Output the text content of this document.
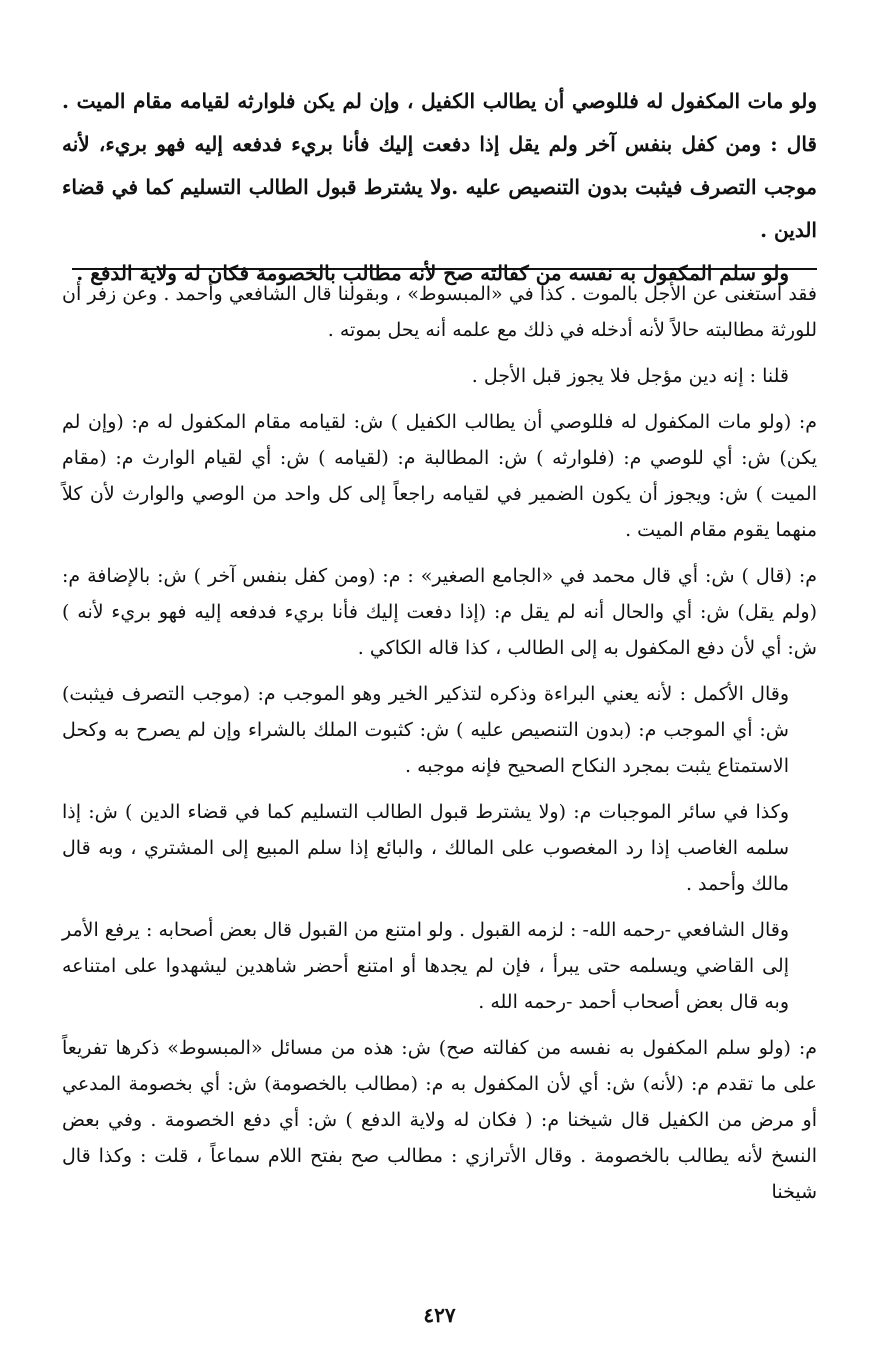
ولو مات المكفول له فللوصي أن يطالب الكفيل ، وإن لم يكن فلوارثه لقيامه مقام الميت . قال : ومن كفل بنفس آخر ولم يقل إذا دفعت إليك فأنا بريء فدفعه إليه فهو بريء، لأنه موجب التصرف فيثبت بدون التنصيص عليه .ولا يشترط قبول الطالب التسليم كما في قضاء الدين .

ولو سلم المكفول به نفسه من كفالته صح لأنه مطالب بالخصومة فكان له ولاية الدفع .

فقد استغنى عن الأجل بالموت . كذا في «المبسوط» ، وبقولنا قال الشافعي وأحمد . وعن زفر أن للورثة مطالبته حالاً لأنه أدخله في ذلك مع علمه أنه يحل بموته .

قلنا : إنه دين مؤجل فلا يجوز قبل الأجل .

م: (ولو مات المكفول له فللوصي أن يطالب الكفيل ) ش: لقيامه مقام المكفول له م: (وإن لم يكن) ش: أي للوصي م: (فلوارثه ) ش: المطالبة م: (لقيامه ) ش: أي لقيام الوارث م: (مقام الميت ) ش: ويجوز أن يكون الضمير في لقيامه راجعاً إلى كل واحد من الوصي والوارث لأن كلاً منهما يقوم مقام الميت .

م: (قال ) ش: أي قال محمد في «الجامع الصغير» : م: (ومن كفل بنفس آخر ) ش: بالإضافة م: (ولم يقل) ش: أي والحال أنه لم يقل م: (إذا دفعت إليك فأنا بريء فدفعه إليه فهو بريء لأنه ) ش: أي لأن دفع المكفول به إلى الطالب ، كذا قاله الكاكي .

وقال الأكمل : لأنه يعني البراءة وذكره لتذكير الخير وهو الموجب م: (موجب التصرف فيثبت) ش: أي الموجب م: (بدون التنصيص عليه ) ش: كثبوت الملك بالشراء وإن لم يصرح به وكحل الاستمتاع يثبت بمجرد النكاح الصحيح فإنه موجبه .

وكذا في سائر الموجبات م: (ولا يشترط قبول الطالب التسليم كما في قضاء الدين ) ش: إذا سلمه الغاصب إذا رد المغصوب على المالك ، والبائع إذا سلم المبيع إلى المشتري ، وبه قال مالك وأحمد .

وقال الشافعي -رحمه الله- : لزمه القبول . ولو امتنع من القبول قال بعض أصحابه : يرفع الأمر إلى القاضي ويسلمه حتى يبرأ ، فإن لم يجدها أو امتنع أحضر شاهدين ليشهدوا على امتناعه وبه قال بعض أصحاب أحمد -رحمه الله .

م: (ولو سلم المكفول به نفسه من كفالته صح) ش: هذه من مسائل «المبسوط» ذكرها تفريعاً على ما تقدم م: (لأنه) ش: أي لأن المكفول به م: (مطالب بالخصومة) ش: أي بخصومة المدعي أو مرض من الكفيل قال شيخنا م: ( فكان له ولاية الدفع ) ش: أي دفع الخصومة . وفي بعض النسخ لأنه يطالب بالخصومة . وقال الأترازي : مطالب صح بفتح اللام سماعاً ، قلت : وكذا قال شيخنا

٤٢٧
